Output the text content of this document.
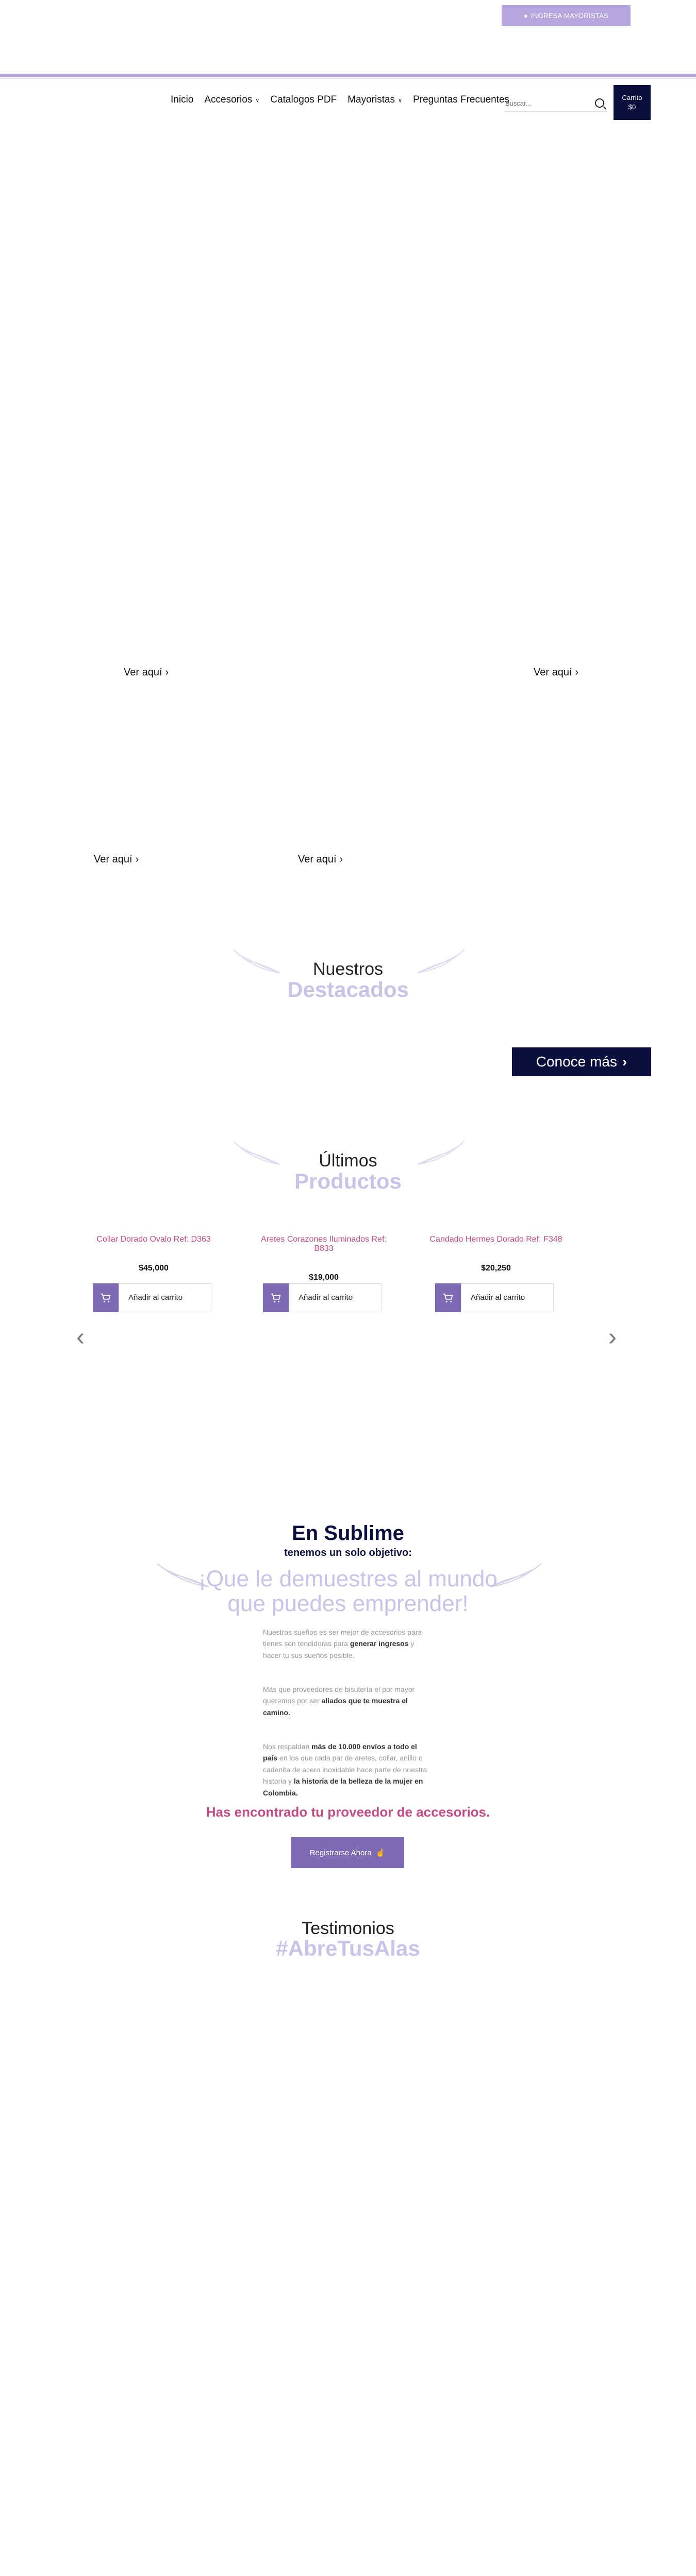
● INGRESA MAYORISTAS
Inicio Accesorios ∨ Catalogos PDF Mayoristas ∨ Preguntas Frecuentes
Buscar...	Carrito
$0
Ver aquí ›	Ver aquí ›
Ver aquí ›	Ver aquí ›
Nuestros
Destacados
Conoce más ›
Últimos
Productos
Collar Dorado Ovalo Ref: D363
$45,000
Añadir al carrito
Aretes Corazones Iluminados Ref: B833
$19,000
Añadir al carrito
Candado Hermes Dorado Ref: F348
$20,250
Añadir al carrito
‹	›
En Sublime
tenemos un solo objetivo:
¡Que le demuestres al mundo
que puedes emprender!
Nuestros sueños es ser mejor de accesorios para
tienes son tendidoras para generar ingresos y
hacer tu sus sueños posible.
Más que proveedores de bisutería el por mayor
queremos por ser aliados que te muestra el
camino.
Nos respaldan más de 10.000 envíos a todo el
país en los que cada par de aretes, collar, anillo o
cadenita de acero inoxidable hace parte de nuestra
historia y la historia de la belleza de la mujer en
Colombia.
Has encontrado tu proveedor de accesorios.
Registrarse Ahora ☝
Testimonios
#AbreTusAlas
